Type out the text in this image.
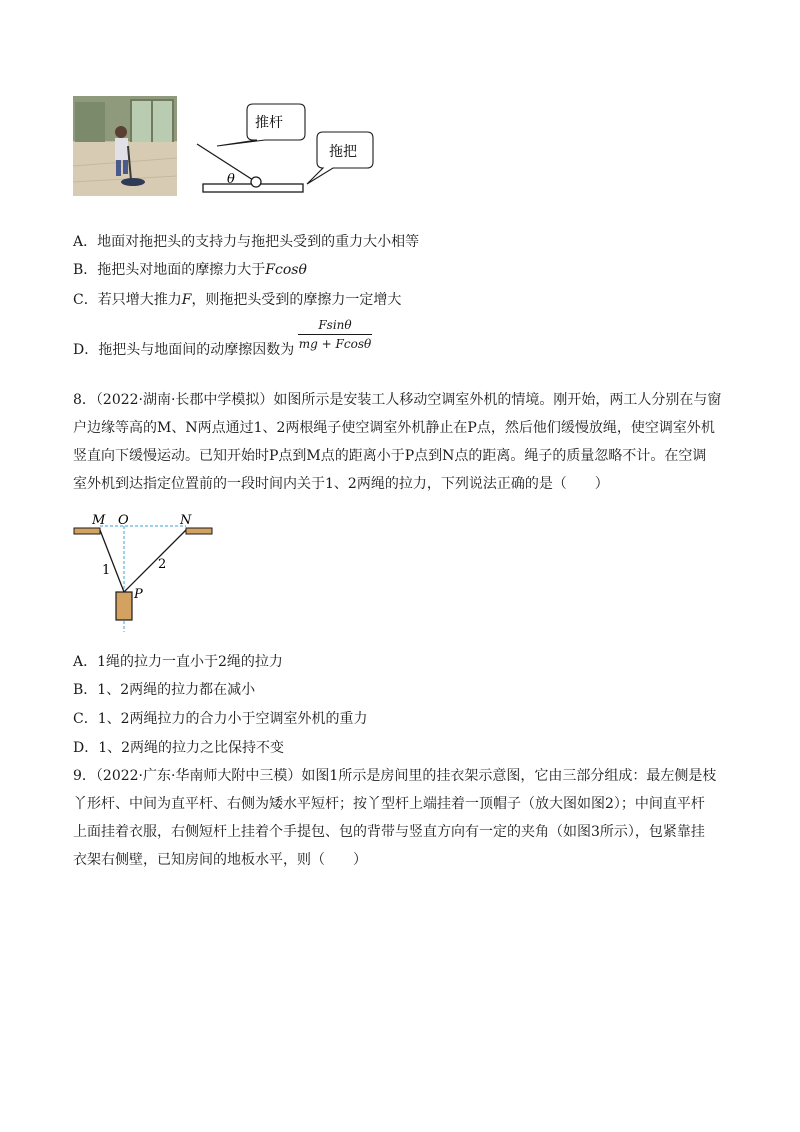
θ
推杆
拖把
A．地面对拖把头的支持力与拖把头受到的重力大小相等
B．拖把头对地面的摩擦力大于Fcosθ
C．若只增大推力F，则拖把头受到的摩擦力一定增大
D．拖把头与地面间的动摩擦因数为 $\frac{Fsin\theta}{mg + Fcos\theta}$
8．（2022·湖南·长郡中学模拟）如图所示是安装工人移动空调室外机的情境。刚开始，两工人分别在与窗
户边缘等高的M、N两点通过1、2两根绳子使空调室外机静止在P点，然后他们缓慢放绳，使空调室外机
竖直向下缓慢运动。已知开始时P点到M点的距离小于P点到N点的距离。绳子的质量忽略不计。在空调
室外机到达指定位置前的一段时间内关于1、2两绳的拉力，下列说法正确的是（　　）
M O	N
P
1	2
A．1绳的拉力一直小于2绳的拉力
B．1、2两绳的拉力都在减小
C．1、2两绳拉力的合力小于空调室外机的重力
D．1、2两绳的拉力之比保持不变
9．（2022·广东·华南师大附中三模）如图1所示是房间里的挂衣架示意图，它由三部分组成：最左侧是枝
丫形杆、中间为直平杆、右侧为矮水平短杆；按丫型杆上端挂着一顶帽子（放大图如图2）；中间直平杆
上面挂着衣服，右侧短杆上挂着个手提包、包的背带与竖直方向有一定的夹角（如图3所示），包紧靠挂
衣架右侧壁，已知房间的地板水平，则（　　）
